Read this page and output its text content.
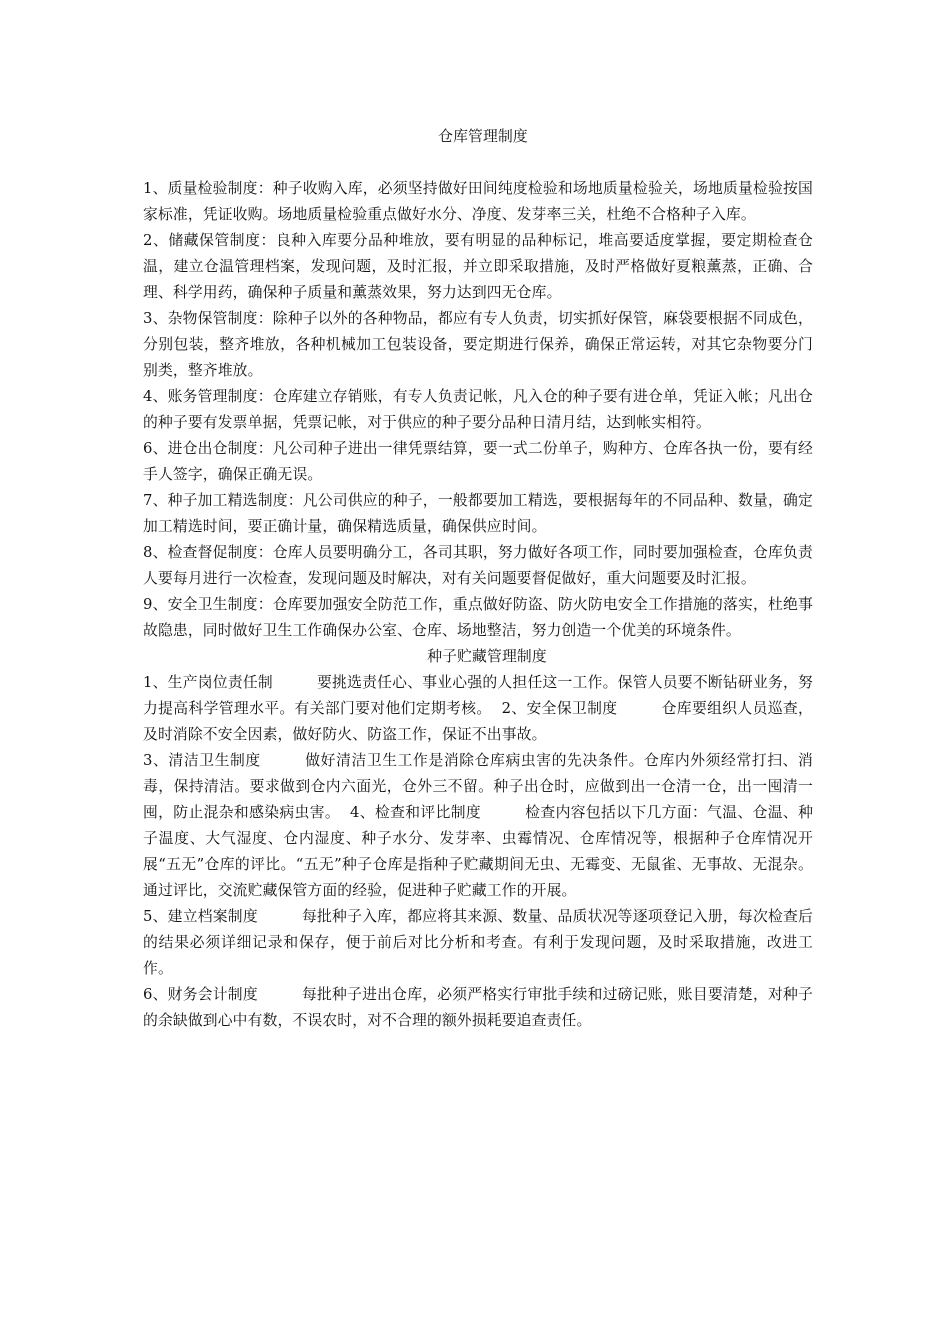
仓库管理制度

1、质量检验制度：种子收购入库，必须坚持做好田间纯度检验和场地质量检验关，场地质量检验按国家标准，凭证收购。场地质量检验重点做好水分、净度、发芽率三关，杜绝不合格种子入库。

2、储藏保管制度：良种入库要分品种堆放，要有明显的品种标记，堆高要适度掌握，要定期检查仓温，建立仓温管理档案，发现问题，及时汇报，并立即采取措施，及时严格做好夏粮薰蒸，正确、合理、科学用药，确保种子质量和薰蒸效果，努力达到四无仓库。

3、杂物保管制度：除种子以外的各种物品，都应有专人负责，切实抓好保管，麻袋要根据不同成色，分别包装，整齐堆放，各种机械加工包装设备，要定期进行保养，确保正常运转，对其它杂物要分门别类，整齐堆放。

4、账务管理制度：仓库建立存销账，有专人负责记帐，凡入仓的种子要有进仓单，凭证入帐；凡出仓的种子要有发票单据，凭票记帐，对于供应的种子要分品种日清月结，达到帐实相符。

6、进仓出仓制度：凡公司种子进出一律凭票结算，要一式二份单子，购种方、仓库各执一份，要有经手人签字，确保正确无误。

7、种子加工精选制度：凡公司供应的种子，一般都要加工精选，要根据每年的不同品种、数量，确定加工精选时间，要正确计量，确保精选质量，确保供应时间。

8、检查督促制度：仓库人员要明确分工，各司其职，努力做好各项工作，同时要加强检查，仓库负责人要每月进行一次检查，发现问题及时解决，对有关问题要督促做好，重大问题要及时汇报。

9、安全卫生制度：仓库要加强安全防范工作，重点做好防盗、防火防电安全工作措施的落实，杜绝事故隐患，同时做好卫生工作确保办公室、仓库、场地整洁，努力创造一个优美的环境条件。

种子贮藏管理制度

1、生产岗位责任制	要挑选责任心、事业心强的人担任这一工作。保管人员要不断钻研业务，努力提高科学管理水平。有关部门要对他们定期考核。 2、安全保卫制度	仓库要组织人员巡查，及时消除不安全因素，做好防火、防盗工作，保证不出事故。

3、清洁卫生制度	做好清洁卫生工作是消除仓库病虫害的先决条件。仓库内外须经常打扫、消毒，保持清洁。要求做到仓内六面光，仓外三不留。种子出仓时，应做到出一仓清一仓，出一囤清一囤，防止混杂和感染病虫害。 4、检查和评比制度	检查内容包括以下几方面：气温、仓温、种子温度、大气湿度、仓内湿度、种子水分、发芽率、虫霉情况、仓库情况等，根据种子仓库情况开展“五无”仓库的评比。“五无”种子仓库是指种子贮藏期间无虫、无霉变、无鼠雀、无事故、无混杂。通过评比，交流贮藏保管方面的经验，促进种子贮藏工作的开展。

5、建立档案制度	每批种子入库，都应将其来源、数量、品质状况等逐项登记入册，每次检查后的结果必须详细记录和保存，便于前后对比分析和考查。有利于发现问题，及时采取措施，改进工作。

6、财务会计制度	每批种子进出仓库，必须严格实行审批手续和过磅记账，账目要清楚，对种子的余缺做到心中有数，不误农时，对不合理的额外损耗要追查责任。
